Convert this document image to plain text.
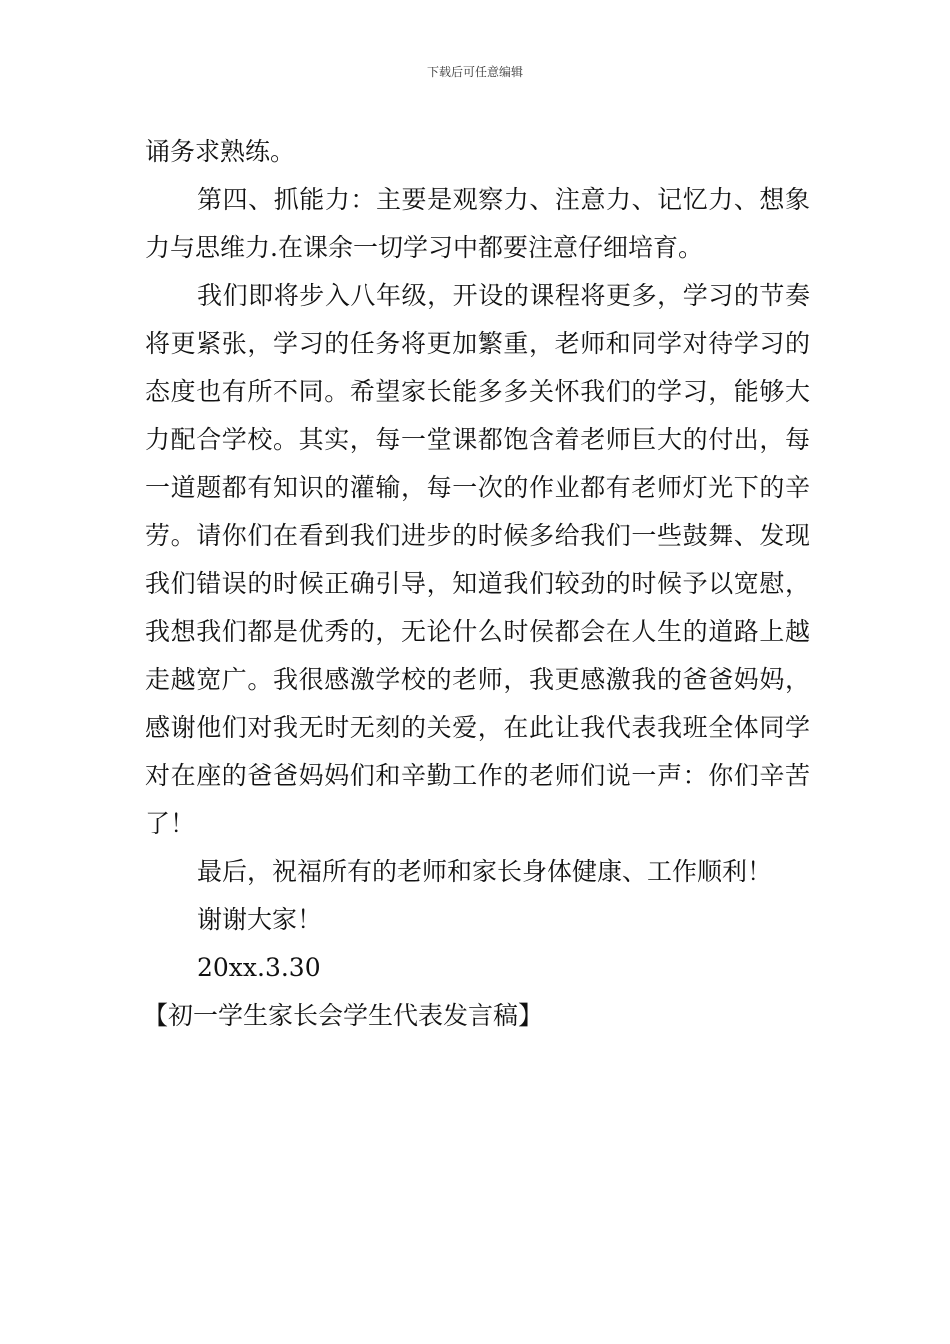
下载后可任意编辑

诵务求熟练。

第四、抓能力：主要是观察力、注意力、记忆力、想象力与思维力.在课余一切学习中都要注意仔细培育。

我们即将步入八年级，开设的课程将更多，学习的节奏将更紧张，学习的任务将更加繁重，老师和同学对待学习的态度也有所不同。希望家长能多多关怀我们的学习，能够大力配合学校。其实，每一堂课都饱含着老师巨大的付出，每一道题都有知识的灌输，每一次的作业都有老师灯光下的辛劳。请你们在看到我们进步的时候多给我们一些鼓舞、发现我们错误的时候正确引导，知道我们较劲的时候予以宽慰，我想我们都是优秀的，无论什么时侯都会在人生的道路上越走越宽广。我很感激学校的老师，我更感激我的爸爸妈妈，感谢他们对我无时无刻的关爱，在此让我代表我班全体同学对在座的爸爸妈妈们和辛勤工作的老师们说一声：你们辛苦了！

最后，祝福所有的老师和家长身体健康、工作顺利！

谢谢大家！

20xx.3.30

【初一学生家长会学生代表发言稿】
